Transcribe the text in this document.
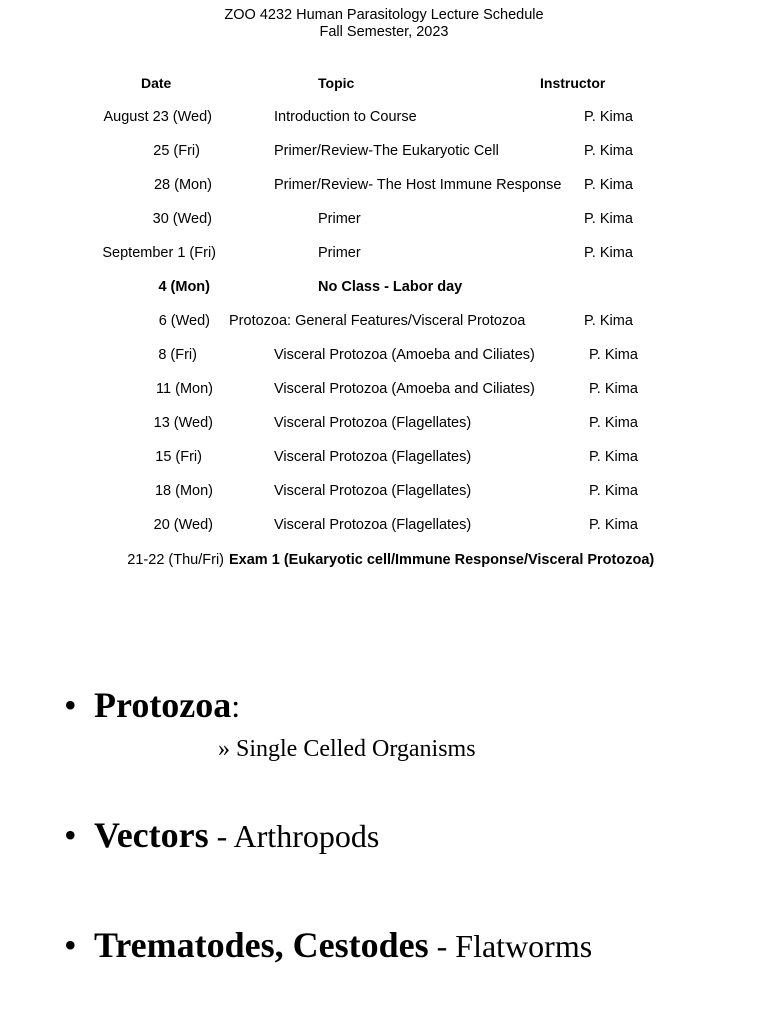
ZOO 4232 Human Parasitology Lecture Schedule
Fall Semester, 2023
Date	Topic	Instructor
August 23 (Wed)	Introduction to Course	P. Kima
25 (Fri)	Primer/Review-The Eukaryotic Cell	P. Kima
28 (Mon)	Primer/Review- The Host Immune Response P. Kima
30 (Wed)	Primer	P. Kima
September 1 (Fri)	Primer	P. Kima
4 (Mon)	No Class - Labor day
6 (Wed) Protozoa: General Features/Visceral Protozoa	P. Kima
8 (Fri)	Visceral Protozoa (Amoeba and Ciliates)	P. Kima
11 (Mon)	Visceral Protozoa (Amoeba and Ciliates)	P. Kima
13 (Wed)	Visceral Protozoa (Flagellates)	P. Kima
15 (Fri)	Visceral Protozoa (Flagellates)	P. Kima
18 (Mon)	Visceral Protozoa (Flagellates)	P. Kima
20 (Wed)	Visceral Protozoa (Flagellates)	P. Kima
21-22 (Thu/Fri) Exam 1 (Eukaryotic cell/Immune Response/Visceral Protozoa)
• Protozoa:
» Single Celled Organisms
• Vectors - Arthropods
• Trematodes, Cestodes - Flatworms
